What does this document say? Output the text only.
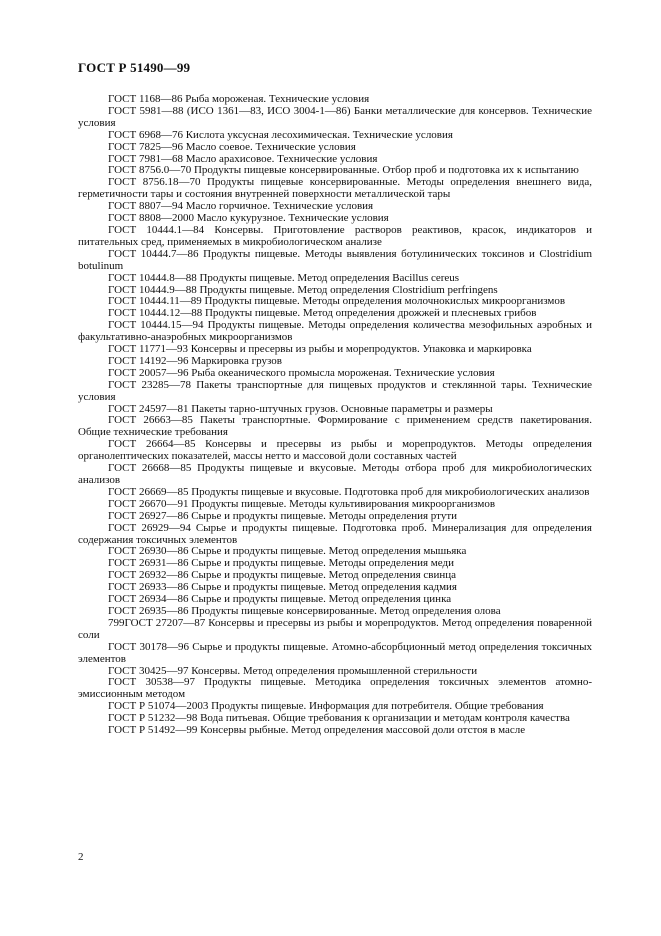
ГОСТ Р 51490—99

ГОСТ 1168—86 Рыба мороженая. Технические условия

ГОСТ 5981—88 (ИСО 1361—83, ИСО 3004-1—86) Банки металлические для консервов. Технические условия

ГОСТ 6968—76 Кислота уксусная лесохимическая. Технические условия

ГОСТ 7825—96 Масло соевое. Технические условия

ГОСТ 7981—68 Масло арахисовое. Технические условия

ГОСТ 8756.0—70 Продукты пищевые консервированные. Отбор проб и подготовка их к испытанию

ГОСТ 8756.18—70 Продукты пищевые консервированные. Методы определения внешнего вида, герметичности тары и состояния внутренней поверхности металлической тары

ГОСТ 8807—94 Масло горчичное. Технические условия

ГОСТ 8808—2000 Масло кукурузное. Технические условия

ГОСТ 10444.1—84 Консервы. Приготовление растворов реактивов, красок, индикаторов и питательных сред, применяемых в микробиологическом анализе

ГОСТ 10444.7—86 Продукты пищевые. Методы выявления ботулинических токсинов и Clostridium botulinum

ГОСТ 10444.8—88 Продукты пищевые. Метод определения Bacillus cereus

ГОСТ 10444.9—88 Продукты пищевые. Метод определения Clostridium perfringens

ГОСТ 10444.11—89 Продукты пищевые. Методы определения молочнокислых микроорганизмов

ГОСТ 10444.12—88 Продукты пищевые. Метод определения дрожжей и плесневых грибов

ГОСТ 10444.15—94 Продукты пищевые. Методы определения количества мезофильных аэробных и факультативно-анаэробных микроорганизмов

ГОСТ 11771—93 Консервы и пресервы из рыбы и морепродуктов. Упаковка и маркировка

ГОСТ 14192—96 Маркировка грузов

ГОСТ 20057—96 Рыба океанического промысла мороженая. Технические условия

ГОСТ 23285—78 Пакеты транспортные для пищевых продуктов и стеклянной тары. Технические условия

ГОСТ 24597—81 Пакеты тарно-штучных грузов. Основные параметры и размеры

ГОСТ 26663—85 Пакеты транспортные. Формирование с применением средств пакетирования. Общие технические требования

ГОСТ 26664—85 Консервы и пресервы из рыбы и морепродуктов. Методы определения органолептических показателей, массы нетто и массовой доли составных частей

ГОСТ 26668—85 Продукты пищевые и вкусовые. Методы отбора проб для микробиологических анализов

ГОСТ 26669—85 Продукты пищевые и вкусовые. Подготовка проб для микробиологических анализов

ГОСТ 26670—91 Продукты пищевые. Методы культивирования микроорганизмов

ГОСТ 26927—86 Сырье и продукты пищевые. Методы определения ртути

ГОСТ 26929—94 Сырье и продукты пищевые. Подготовка проб. Минерализация для определения содержания токсичных элементов

ГОСТ 26930—86 Сырье и продукты пищевые. Метод определения мышьяка

ГОСТ 26931—86 Сырье и продукты пищевые. Методы определения меди

ГОСТ 26932—86 Сырье и продукты пищевые. Метод определения свинца

ГОСТ 26933—86 Сырье и продукты пищевые. Метод определения кадмия

ГОСТ 26934—86 Сырье и продукты пищевые. Метод определения цинка

ГОСТ 26935—86 Продукты пищевые консервированные. Метод определения олова

799ГОСТ 27207—87 Консервы и пресервы из рыбы и морепродуктов. Метод определения поваренной соли

ГОСТ 30178—96 Сырье и продукты пищевые. Атомно-абсорбционный метод определения токсичных элементов

ГОСТ 30425—97 Консервы. Метод определения промышленной стерильности

ГОСТ 30538—97 Продукты пищевые. Методика определения токсичных элементов атомно-эмиссионным методом

ГОСТ Р 51074—2003 Продукты пищевые. Информация для потребителя. Общие требования

ГОСТ Р 51232—98 Вода питьевая. Общие требования к организации и методам контроля качества

ГОСТ Р 51492—99 Консервы рыбные. Метод определения массовой доли отстоя в масле

2
